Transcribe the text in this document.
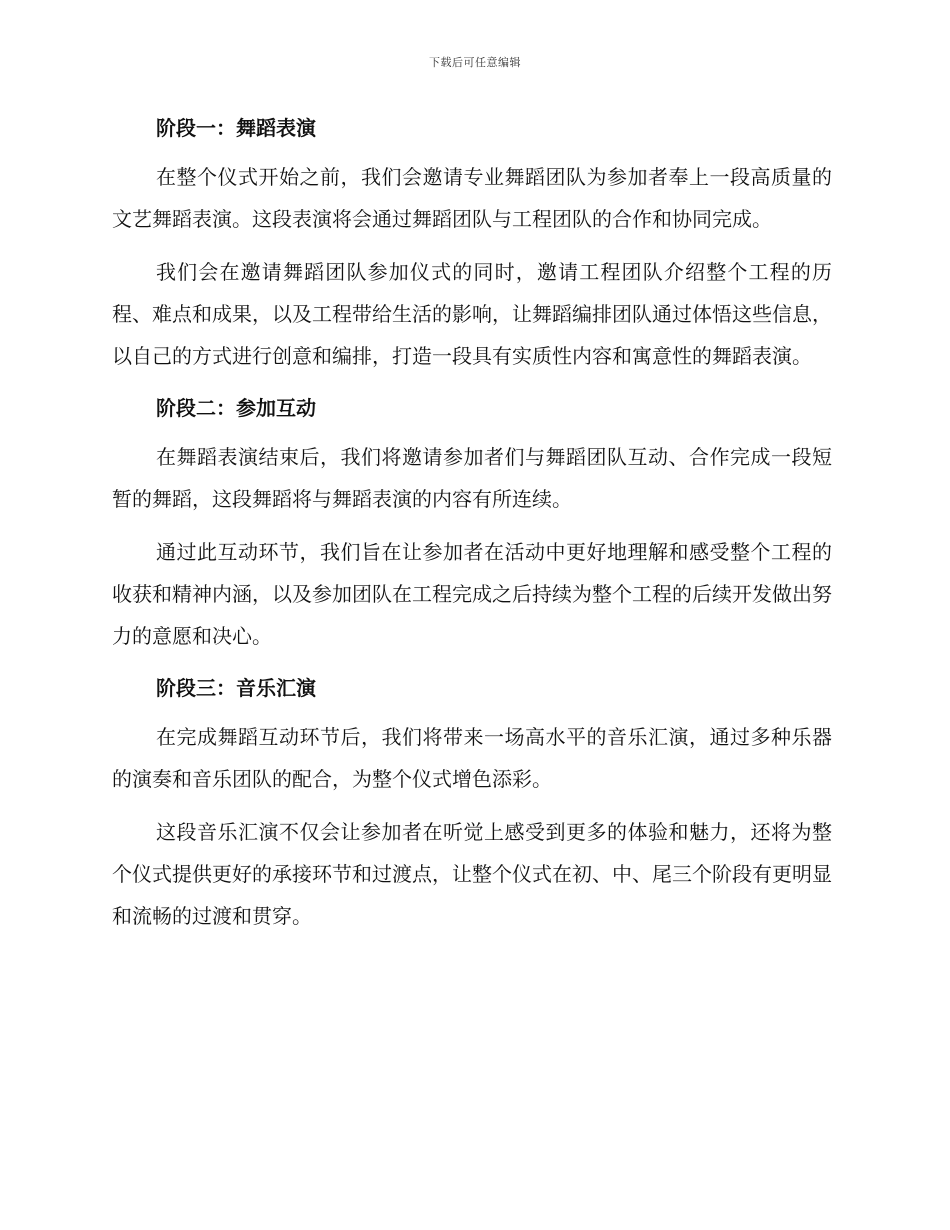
下载后可任意编辑
阶段一：舞蹈表演

在整个仪式开始之前，我们会邀请专业舞蹈团队为参加者奉上一段高质量的文艺舞蹈表演。这段表演将会通过舞蹈团队与工程团队的合作和协同完成。

我们会在邀请舞蹈团队参加仪式的同时，邀请工程团队介绍整个工程的历程、难点和成果，以及工程带给生活的影响，让舞蹈编排团队通过体悟这些信息，以自己的方式进行创意和编排，打造一段具有实质性内容和寓意性的舞蹈表演。

阶段二：参加互动

在舞蹈表演结束后，我们将邀请参加者们与舞蹈团队互动、合作完成一段短暂的舞蹈，这段舞蹈将与舞蹈表演的内容有所连续。

通过此互动环节，我们旨在让参加者在活动中更好地理解和感受整个工程的收获和精神内涵，以及参加团队在工程完成之后持续为整个工程的后续开发做出努力的意愿和决心。

阶段三：音乐汇演

在完成舞蹈互动环节后，我们将带来一场高水平的音乐汇演，通过多种乐器的演奏和音乐团队的配合，为整个仪式增色添彩。

这段音乐汇演不仅会让参加者在听觉上感受到更多的体验和魅力，还将为整个仪式提供更好的承接环节和过渡点，让整个仪式在初、中、尾三个阶段有更明显和流畅的过渡和贯穿。
